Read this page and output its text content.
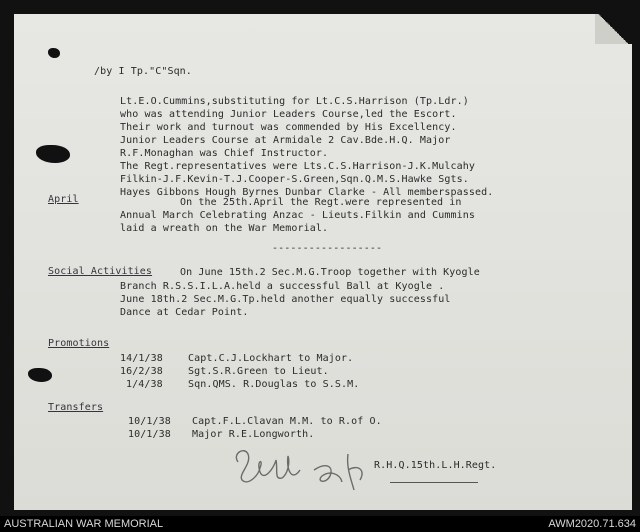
/by I Tp."C"Sqn.
Lt.E.O.Cummins,substituting for Lt.C.S.Harrison (Tp.Ldr.)
who was attending Junior Leaders Course,led the Escort.
Their work and turnout was commended by His Excellency.
Junior Leaders Course at Armidale 2 Cav.Bde.H.Q. Major
R.F.Monaghan was Chief Instructor.
The Regt.representatives were Lts.C.S.Harrison-J.K.Mulcahy
Filkin-J.F.Kevin-T.J.Cooper-S.Green,Sqn.Q.M.S.Hawke Sgts.
Hayes Gibbons Hough Byrnes Dunbar Clarke - All memberspassed.
April	On the 25th.April the Regt.were represented in
Annual March Celebrating Anzac - Lieuts.Filkin and Cummins
laid a wreath on the War Memorial.
------------------
Social Activities	On June 15th.2 Sec.M.G.Troop together with Kyogle
Branch R.S.S.I.L.A.held a successful Ball at Kyogle .
June 18th.2 Sec.M.G.Tp.held another equally successful
Dance at Cedar Point.
Promotions
14/1/38	Capt.C.J.Lockhart to Major.
16/2/38	Sgt.S.R.Green to Lieut.
1/4/38	Sqn.QMS. R.Douglas to S.S.M.
Transfers
10/1/38 Capt.F.L.Clavan M.M. to R.of O.
10/1/38 Major R.E.Longworth.
R.H.Q.15th.L.H.Regt.
AUSTRALIAN WAR MEMORIAL	AWM2020.71.634
